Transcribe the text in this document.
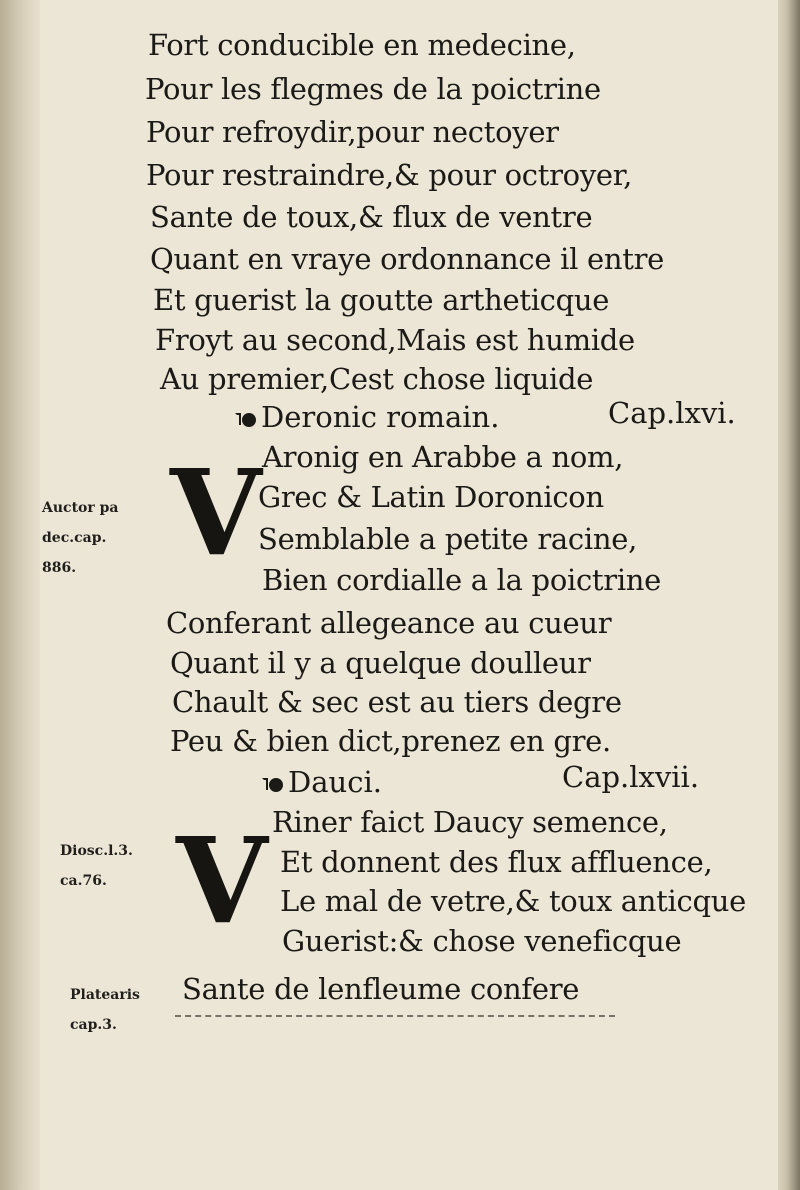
Fort conducible en medecine,
Pour les flegmes de la poictrine
Pour refroydir,pour nectoyer
Pour restraindre,& pour octroyer,
Sante de toux,& flux de ventre
Quant en vraye ordonnance il entre
Et guerist la goutte artheticque
Froyt au second,Mais est humide
Au premier,Cest chose liquide
Deronic romain.	Cap.lxvi.
V
Auctor pa
dec.cap.
886.
Aronig en Arabbe a nom,
Grec & Latin Doronicon
Semblable a petite racine,
Bien cordialle a la poictrine
Conferant allegeance au cueur
Quant il y a quelque doulleur
Chault & sec est au tiers degre
Peu & bien dict,prenez en gre.
Dauci.	Cap.lxvii.
V
Diosc.l.3.
ca.76.
Riner faict Daucy semence,
Et donnent des flux affluence,
Le mal de vetre,& toux anticque
Guerist:& chose veneficque
Platearis
cap.3.
Sante de lenfleume confere
